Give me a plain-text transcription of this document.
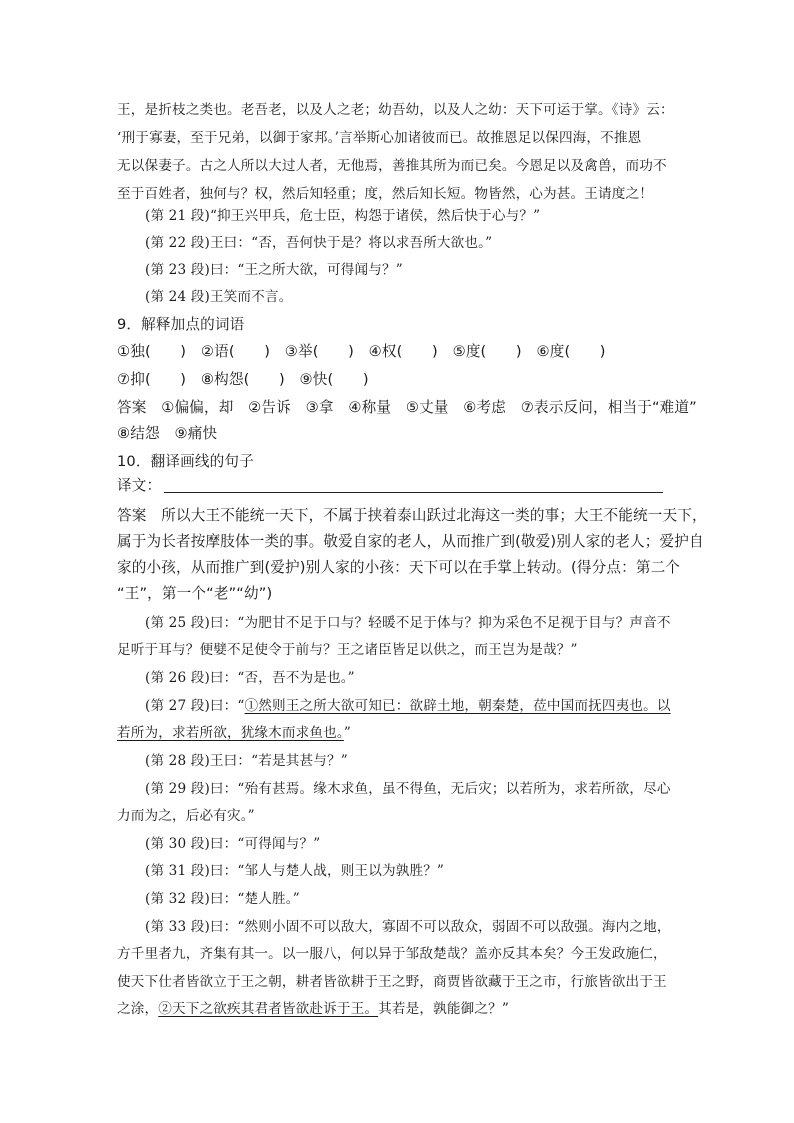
王，是折枝之类也。老吾老，以及人之老；幼吾幼，以及人之幼：天下可运于掌。《诗》云：
‘刑于寡妻，至于兄弟，以御于家邦。’言举斯心加诸彼而已。故推恩足以保四海，不推恩
无以保妻子。古之人所以大过人者，无他焉，善推其所为而已矣。今恩足以及禽兽，而功不
至于百姓者，独何与？权，然后知轻重；度，然后知长短。物皆然，心为甚。王请度之！
(第 21 段)“抑王兴甲兵，危士臣，构怨于诸侯，然后快于心与？”
(第 22 段)王曰：“否，吾何快于是？将以求吾所大欲也。”
(第 23 段)曰：“王之所大欲，可得闻与？”
(第 24 段)王笑而不言。
9．解释加点的词语
①独(　　)　②语(　　)　③举(　　)　④权(　　)　⑤度(　　)　⑥度(　　)
⑦抑(　　)　⑧构怨(　　)　⑨快(　　)
答案　①偏偏，却　②告诉　③拿　④称量　⑤丈量　⑥考虑　⑦表示反问，相当于“难道”
⑧结怨　⑨痛快
10．翻译画线的句子
译文：
答案　所以大王不能统一天下，不属于挟着泰山跃过北海这一类的事；大王不能统一天下，
属于为长者按摩肢体一类的事。敬爱自家的老人，从而推广到(敬爱)别人家的老人；爱护自
家的小孩，从而推广到(爱护)别人家的小孩：天下可以在手掌上转动。(得分点：第二个
“王”，第一个“老”“幼”)
(第 25 段)曰：“为肥甘不足于口与？轻暖不足于体与？抑为采色不足视于目与？声音不
足听于耳与？便嬖不足使令于前与？王之诸臣皆足以供之，而王岂为是哉？”
(第 26 段)曰：“否，吾不为是也。”
(第 27 段)曰：“①然则王之所大欲可知已：欲辟土地，朝秦楚，莅中国而抚四夷也。以
若所为，求若所欲，犹缘木而求鱼也。”
(第 28 段)王曰：“若是其甚与？”
(第 29 段)曰：“殆有甚焉。缘木求鱼，虽不得鱼，无后灾；以若所为，求若所欲，尽心
力而为之，后必有灾。”
(第 30 段)曰：“可得闻与？”
(第 31 段)曰：“邹人与楚人战，则王以为孰胜？”
(第 32 段)曰：“楚人胜。”
(第 33 段)曰：“然则小固不可以敌大，寡固不可以敌众，弱固不可以敌强。海内之地，
方千里者九，齐集有其一。以一服八，何以异于邹敌楚哉？盖亦反其本矣？今王发政施仁，
使天下仕者皆欲立于王之朝，耕者皆欲耕于王之野，商贾皆欲藏于王之市，行旅皆欲出于王
之涂，②天下之欲疾其君者皆欲赴诉于王。其若是，孰能御之？”
